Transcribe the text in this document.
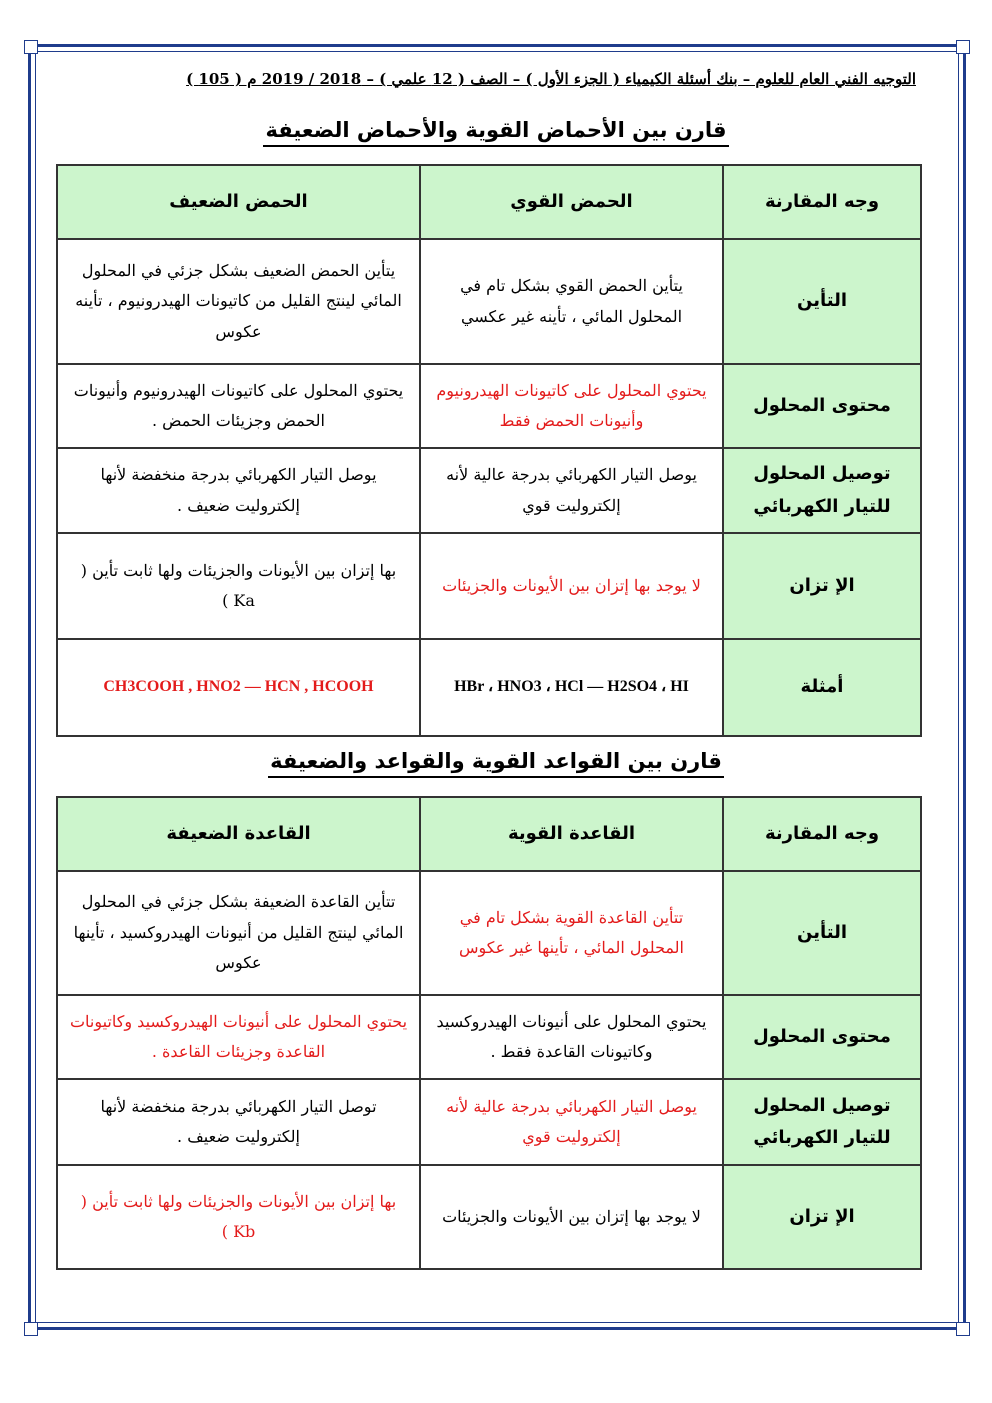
التوجيه الفني العام للعلوم – بنك أسئلة الكيمياء ( الجزء الأول ) – الصف ( 12 علمي ) – 2018 / 2019 م ( 105 )
قارن بين الأحماض القوية والأحماض الضعيفة
وجه المقارنة	الحمض القوي	الحمض الضعيف
التأين	يتأين الحمض القوي بشكل تام في المحلول المائي ، تأينه غير عكسي	يتأين الحمض الضعيف بشكل جزئي في المحلول المائي لينتج القليل من كاتيونات الهيدرونيوم ، تأينه عكوس
محتوى المحلول	يحتوي المحلول على كاتيونات الهيدرونيوم وأنيونات الحمض فقط	يحتوي المحلول على كاتيونات الهيدرونيوم وأنيونات الحمض وجزيئات الحمض .
توصيل المحلول للتيار الكهربائي	يوصل التيار الكهربائي بدرجة عالية لأنه إلكتروليت قوي	يوصل التيار الكهربائي بدرجة منخفضة لأنها إلكتروليت ضعيف .
الإ تزان	لا يوجد بها إتزان بين الأيونات والجزيئات	بها إتزان بين الأيونات والجزيئات ولها ثابت تأين ( Ka )
أمثلة	HBr ، HNO3 ، HCl — H2SO4 ، HI	CH3COOH , HNO2 — HCN , HCOOH
قارن بين القواعد القوية والقواعد والضعيفة
وجه المقارنة	القاعدة القوية	القاعدة الضعيفة
التأين	تتأين القاعدة القوية بشكل تام في المحلول المائي ، تأينها غير عكوس	تتأين القاعدة الضعيفة بشكل جزئي في المحلول المائي لينتج القليل من أنيونات الهيدروكسيد ، تأينها عكوس
محتوى المحلول	يحتوي المحلول على أنيونات الهيدروكسيد وكاتيونات القاعدة فقط .	يحتوي المحلول على أنيونات الهيدروكسيد وكاتيونات القاعدة وجزيئات القاعدة .
توصيل المحلول للتيار الكهربائي	يوصل التيار الكهربائي بدرجة عالية لأنه إلكتروليت قوي	توصل التيار الكهربائي بدرجة منخفضة لأنها إلكتروليت ضعيف .
الإ تزان	لا يوجد بها إتزان بين الأيونات والجزيئات	بها إتزان بين الأيونات والجزيئات ولها ثابت تأين ( Kb )
